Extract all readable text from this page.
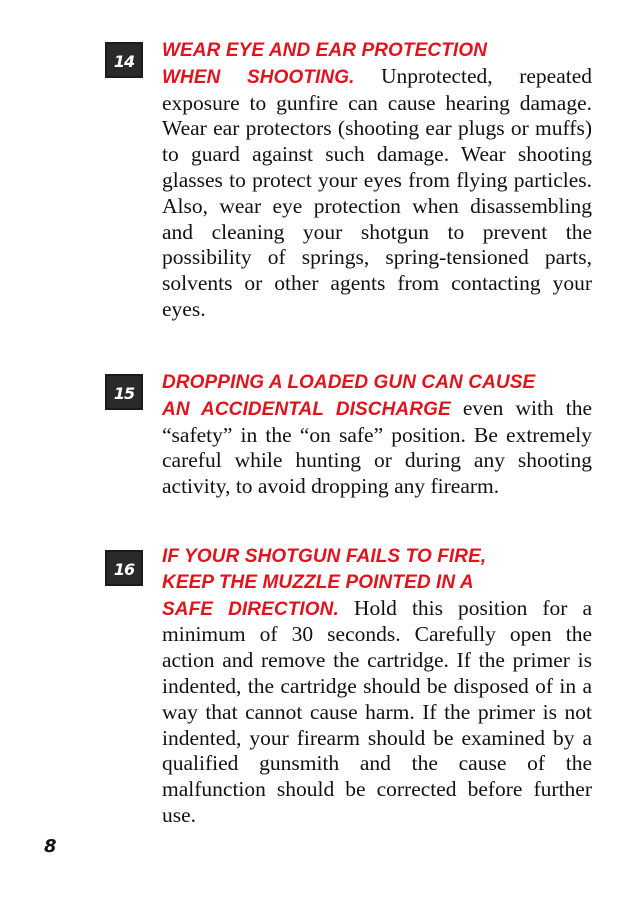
14
WEAR EYE AND EAR PROTECTION
WHEN SHOOTING. Unprotected, repeated exposure to gunfire can cause hearing damage. Wear ear protectors (shooting ear plugs or muffs) to guard against such damage. Wear shooting glasses to protect your eyes from flying particles. Also, wear eye protection when disassembling and cleaning your shotgun to prevent the possibility of springs, spring-tensioned parts, solvents or other agents from contacting your eyes.
15
DROPPING A LOADED GUN CAN CAUSE
AN ACCIDENTAL DISCHARGE even with the “safety” in the “on safe” position. Be extremely careful while hunting or during any shooting activity, to avoid dropping any firearm.
16
IF YOUR SHOTGUN FAILS TO FIRE,
KEEP THE MUZZLE POINTED IN A
SAFE DIRECTION. Hold this position for a minimum of 30 seconds. Carefully open the action and remove the cartridge. If the primer is indented, the cartridge should be disposed of in a way that cannot cause harm. If the primer is not indented, your firearm should be examined by a qualified gunsmith and the cause of the malfunction should be corrected before further use.
8
